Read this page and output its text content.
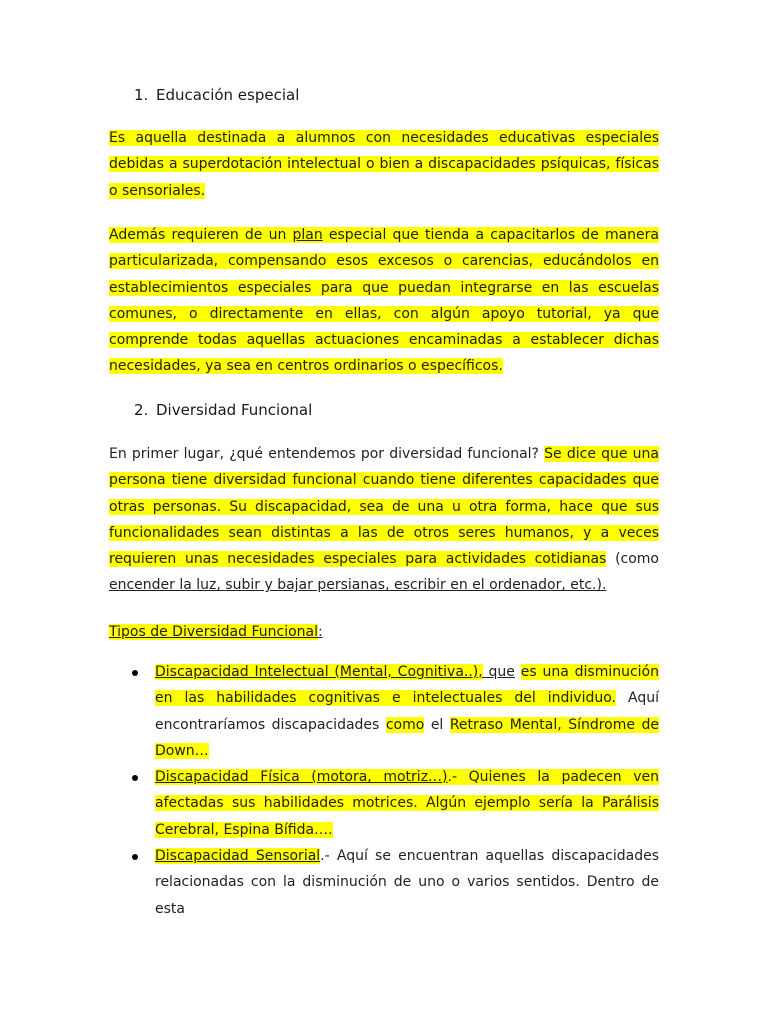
1. Educación especial

Es aquella destinada a alumnos con necesidades educativas especiales debidas a superdotación intelectual o bien a discapacidades psíquicas, físicas o sensoriales.

Además requieren de un plan especial que tienda a capacitarlos de manera particularizada, compensando esos excesos o carencias, educándolos en establecimientos especiales para que puedan integrarse en las escuelas comunes, o directamente en ellas, con algún apoyo tutorial, ya que comprende todas aquellas actuaciones encaminadas a establecer dichas necesidades, ya sea en centros ordinarios o específicos.

2. Diversidad Funcional

En primer lugar, ¿qué entendemos por diversidad funcional? Se dice que una persona tiene diversidad funcional cuando tiene diferentes capacidades que otras personas. Su discapacidad, sea de una u otra forma, hace que sus funcionalidades sean distintas a las de otros seres humanos, y a veces requieren unas necesidades especiales para actividades cotidianas (como encender la luz, subir y bajar persianas, escribir en el ordenador, etc.).

Tipos de Diversidad Funcional:

Discapacidad Intelectual (Mental, Cognitiva..), que es una disminución en las habilidades cognitivas e intelectuales del individuo. Aquí encontraríamos discapacidades como el Retraso Mental, Síndrome de Down…
Discapacidad Física (motora, motriz…).- Quienes la padecen ven afectadas sus habilidades motrices. Algún ejemplo sería la Parálisis Cerebral, Espina Bífida….
Discapacidad Sensorial.- Aquí se encuentran aquellas discapacidades relacionadas con la disminución de uno o varios sentidos. Dentro de esta
